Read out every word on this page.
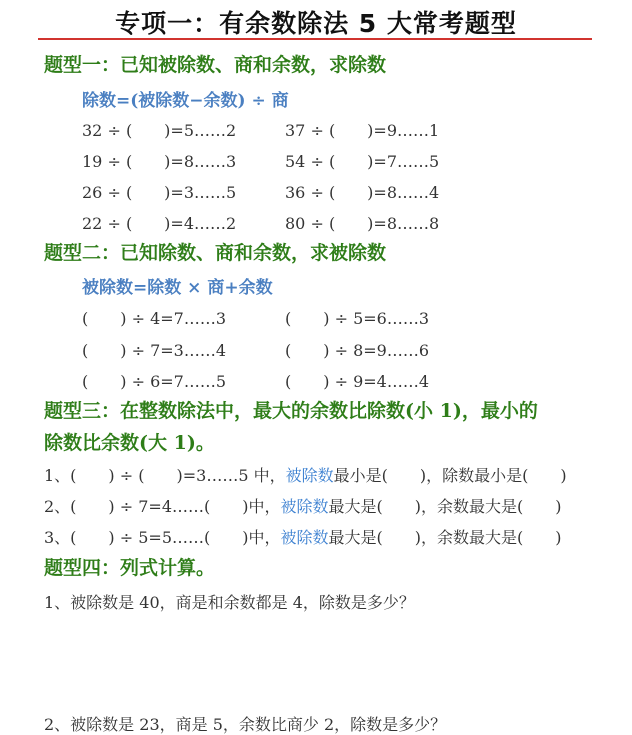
专项一：有余数除法 5 大常考题型
题型一：已知被除数、商和余数，求除数
除数=(被除数−余数) ÷ 商
32 ÷ (　　)=5……2
19 ÷ (　　)=8……3
26 ÷ (　　)=3……5
22 ÷ (　　)=4……2
37 ÷ (　　)=9……1
54 ÷ (　　)=7……5
36 ÷ (　　)=8……4
80 ÷ (　　)=8……8
题型二：已知除数、商和余数，求被除数
被除数=除数 × 商+余数
(　　) ÷ 4=7……3
(　　) ÷ 7=3……4
(　　) ÷ 6=7……5
(　　) ÷ 5=6……3
(　　) ÷ 8=9……6
(　　) ÷ 9=4……4
题型三：在整数除法中，最大的余数比除数(小 1)，最小的
除数比余数(大 1)。
1、(　　) ÷ (　　)=3……5 中，被除数最小是(　　)，除数最小是(　　)
2、(　　) ÷ 7=4……(　　)中，被除数最大是(　　)，余数最大是(　　)
3、(　　) ÷ 5=5……(　　)中，被除数最大是(　　)，余数最大是(　　)
题型四：列式计算。
1、被除数是 40，商是和余数都是 4，除数是多少？
2、被除数是 23，商是 5，余数比商少 2，除数是多少？
